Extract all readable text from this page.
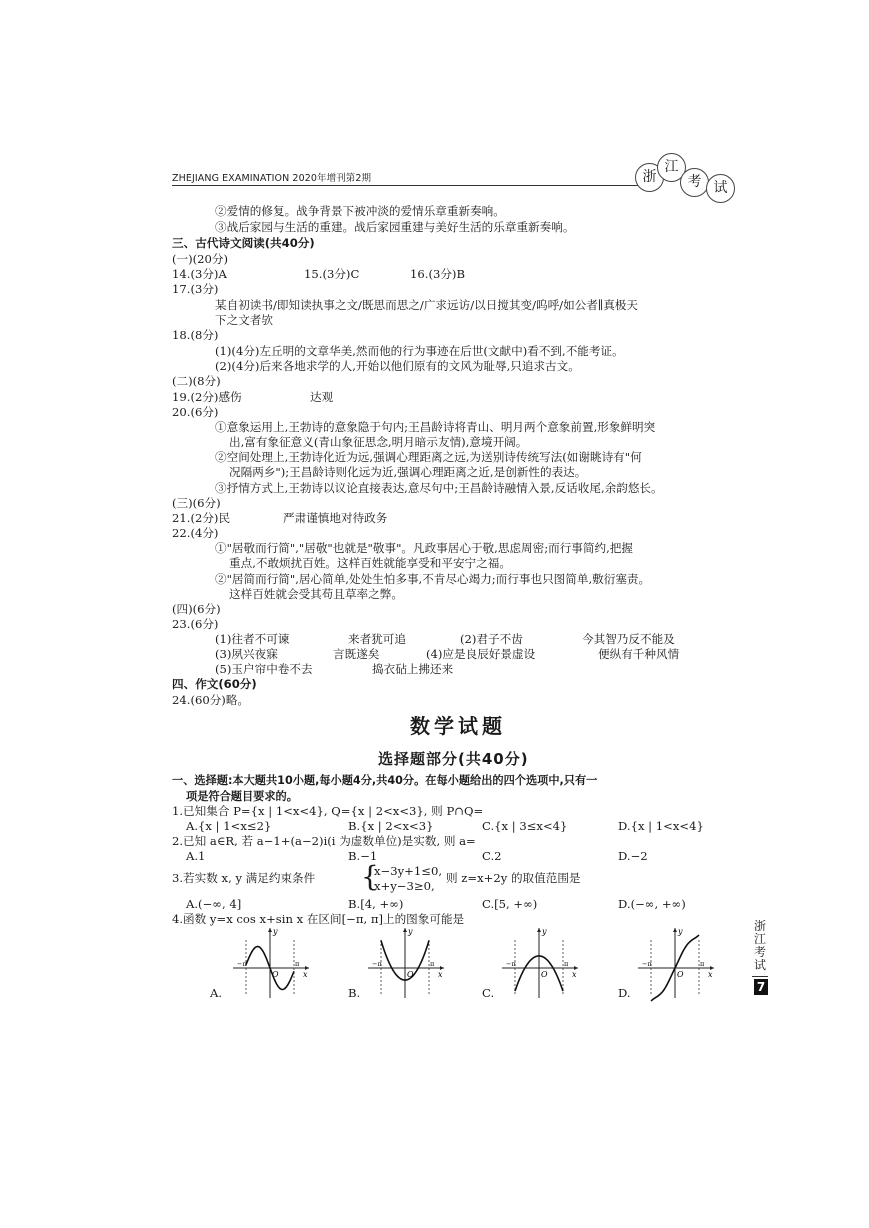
ZHEJIANG EXAMINATION 2020年增刊第2期	浙
江
考 试
②爱情的修复。战争背景下被冲淡的爱情乐章重新奏响。
③战后家园与生活的重建。战后家园重建与美好生活的乐章重新奏响。
三、古代诗文阅读(共40分)
(一)(20分)
14.(3分)A	15.(3分)C	16.(3分)B
17.(3分)
某自初读书/即知读执事之文/既思而思之/广求远访/以日搅其变/呜呼/如公者∥真极天
下之文者欤
18.(8分)
(1)(4分)左丘明的文章华美,然而他的行为事迹在后世(文献中)看不到,不能考证。
(2)(4分)后来各地求学的人,开始以他们原有的文风为耻辱,只追求古文。
(二)(8分)
19.(2分)感伤	达观
20.(6分)
①意象运用上,王勃诗的意象隐于句内;王昌龄诗将青山、明月两个意象前置,形象鲜明突
出,富有象征意义(青山象征思念,明月暗示友情),意境开阔。
②空间处理上,王勃诗化近为远,强调心理距离之远,为送别诗传统写法(如谢眺诗有"何
况隔两乡");王昌龄诗则化远为近,强调心理距离之近,是创新性的表达。
③抒情方式上,王勃诗以议论直接表达,意尽句中;王昌龄诗融情入景,反话收尾,余韵悠长。
(三)(6分)
21.(2分)民	严肃谨慎地对待政务
22.(4分)
①"居敬而行简","居敬"也就是"敬事"。凡政事居心于敬,思虑周密;而行事简约,把握
重点,不敢烦扰百姓。这样百姓就能享受和平安宁之福。
②"居简而行简",居心简单,处处生怕多事,不肯尽心竭力;而行事也只图简单,敷衍塞责。
这样百姓就会受其苟且草率之弊。
(四)(6分)
23.(6分)
(1)往者不可谏	来者犹可追	(2)君子不齿	今其智乃反不能及
(3)夙兴夜寐	言既遂矣	(4)应是良辰好景虚设	便纵有千种风情
(5)玉户帘中卷不去	捣衣砧上拂还来
四、作文(60分)
24.(60分)略。
数学试题
选择题部分(共40分)
一、选择题:本大题共10小题,每小题4分,共40分。在每小题给出的四个选项中,只有一
项是符合题目要求的。
1.已知集合 P={x | 1<x<4}, Q={x | 2<x<3}, 则 P∩Q=
A.{x | 1<x≤2}	B.{x | 2<x<3}	C.{x | 3≤x<4}	D.{x | 1<x<4}
2.已知 a∈R, 若 a−1+(a−2)i(i 为虚数单位)是实数, 则 a=
A.1	B.−1	C.2	D.−2
3.若实数 x, y 满足约束条件 {
x−3y+1≤0,
x+y−3≥0,
则 z=x+2y 的取值范围是
A.(−∞, 4]	B.[4, +∞)	C.[5, +∞)	D.(−∞, +∞)
4.函数 y=x cos x+sin x 在区间[−π, π]上的图象可能是
y
x
O
−π	π
y
x
O
−π	π
y
x
O
−π	π
y
x
O
−π	π
A.	B.	C.	D.
浙
江
考
试
7
